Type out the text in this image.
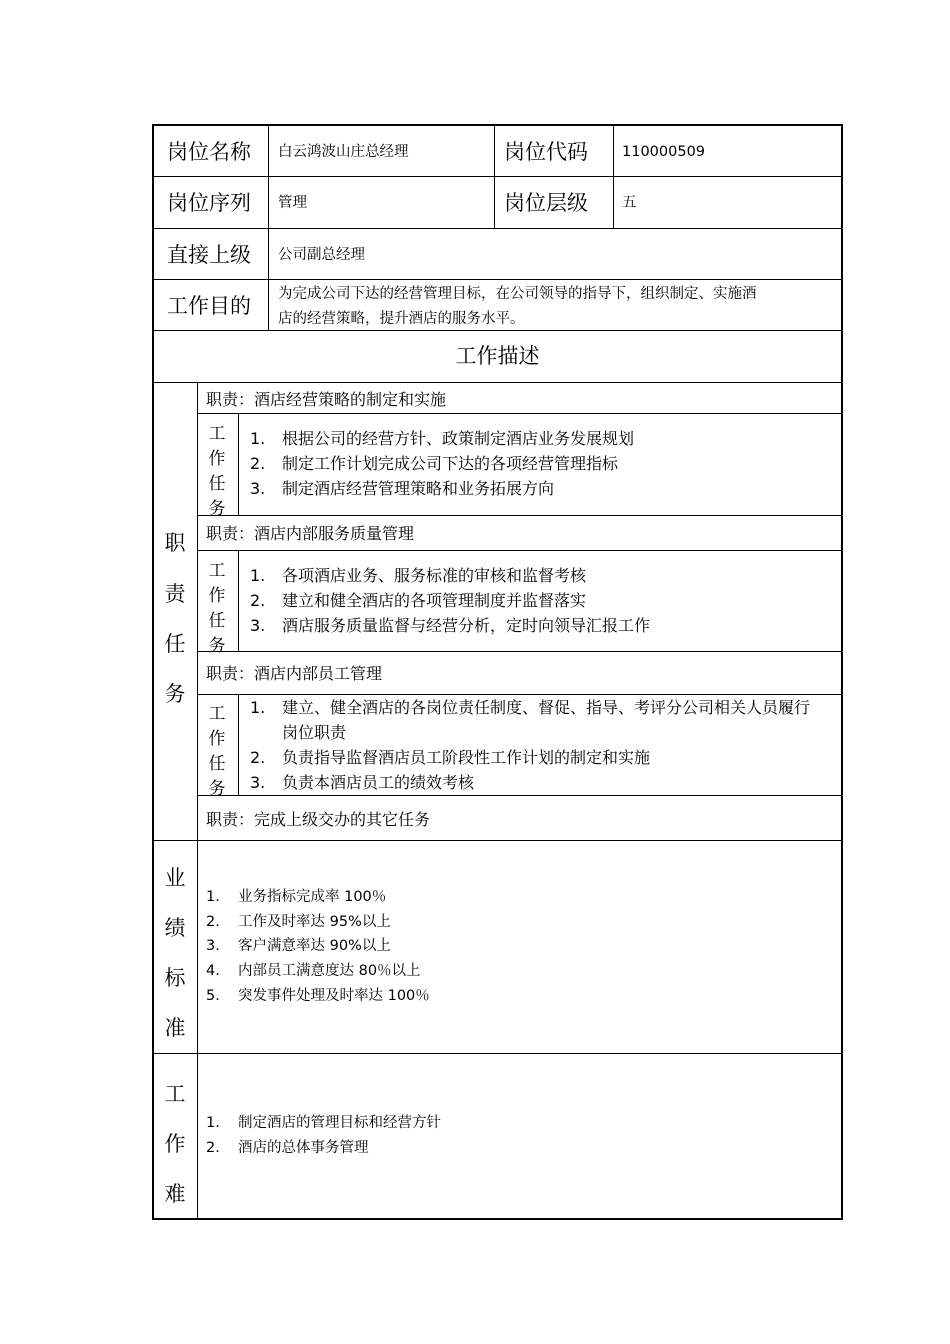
岗位名称 白云鸿波山庄总经理	岗位代码 110000509
岗位序列 管理	岗位层级 五
直接上级 公司副总经理
工作目的 为完成公司下达的经营管理目标，在公司领导的指导下，组织制定、实施酒
店的经营策略，提升酒店的服务水平。
工作描述
职
责
任
务
职责：酒店经营策略的制定和实施
工
作
任
务
1. 根据公司的经营方针、政策制定酒店业务发展规划
2. 制定工作计划完成公司下达的各项经营管理指标
3. 制定酒店经营管理策略和业务拓展方向
职责：酒店内部服务质量管理
工
作
任
务
1. 各项酒店业务、服务标准的审核和监督考核
2. 建立和健全酒店的各项管理制度并监督落实
3. 酒店服务质量监督与经营分析，定时向领导汇报工作
职责：酒店内部员工管理
工
作
任
务
1. 建立、健全酒店的各岗位责任制度、督促、指导、考评分公司相关人员履行
岗位职责
2. 负责指导监督酒店员工阶段性工作计划的制定和实施
3. 负责本酒店员工的绩效考核
职责：完成上级交办的其它任务
业
绩
标
准
1. 业务指标完成率 100％
2. 工作及时率达 95%以上
3. 客户满意率达 90%以上
4. 内部员工满意度达 80％以上
5. 突发事件处理及时率达 100％
工
作
难
1. 制定酒店的管理目标和经营方针
2. 酒店的总体事务管理
